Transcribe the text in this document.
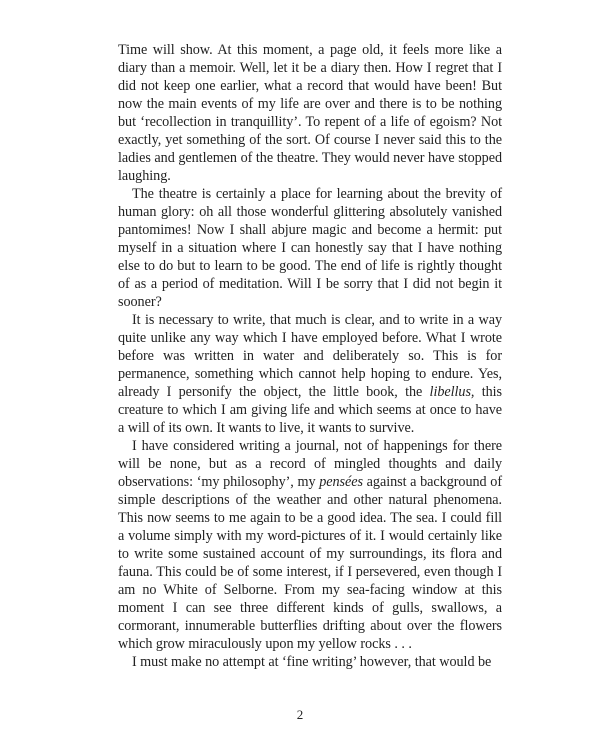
Time will show. At this moment, a page old, it feels more like a diary than a memoir. Well, let it be a diary then. How I regret that I did not keep one earlier, what a record that would have been! But now the main events of my life are over and there is to be nothing but ‘recollection in tranquillity’. To repent of a life of egoism? Not exactly, yet something of the sort. Of course I never said this to the ladies and gentlemen of the theatre. They would never have stopped laughing.

The theatre is certainly a place for learning about the brevity of human glory: oh all those wonderful glittering absolutely vanished pantomimes! Now I shall abjure magic and become a hermit: put myself in a situation where I can honestly say that I have nothing else to do but to learn to be good. The end of life is rightly thought of as a period of meditation. Will I be sorry that I did not begin it sooner?

It is necessary to write, that much is clear, and to write in a way quite unlike any way which I have employed before. What I wrote before was written in water and deliberately so. This is for permanence, something which cannot help hoping to endure. Yes, already I personify the object, the little book, the libellus, this creature to which I am giving life and which seems at once to have a will of its own. It wants to live, it wants to survive.

I have considered writing a journal, not of happenings for there will be none, but as a record of mingled thoughts and daily observations: ‘my philosophy’, my pensées against a background of simple descriptions of the weather and other natural phenomena. This now seems to me again to be a good idea. The sea. I could fill a volume simply with my word-pictures of it. I would certainly like to write some sustained account of my surroundings, its flora and fauna. This could be of some interest, if I persevered, even though I am no White of Selborne. From my sea-facing window at this moment I can see three different kinds of gulls, swallows, a cormorant, innumerable butterflies drifting about over the flowers which grow miraculously upon my yellow rocks . . .

I must make no attempt at ‘fine writing’ however, that would be

2
